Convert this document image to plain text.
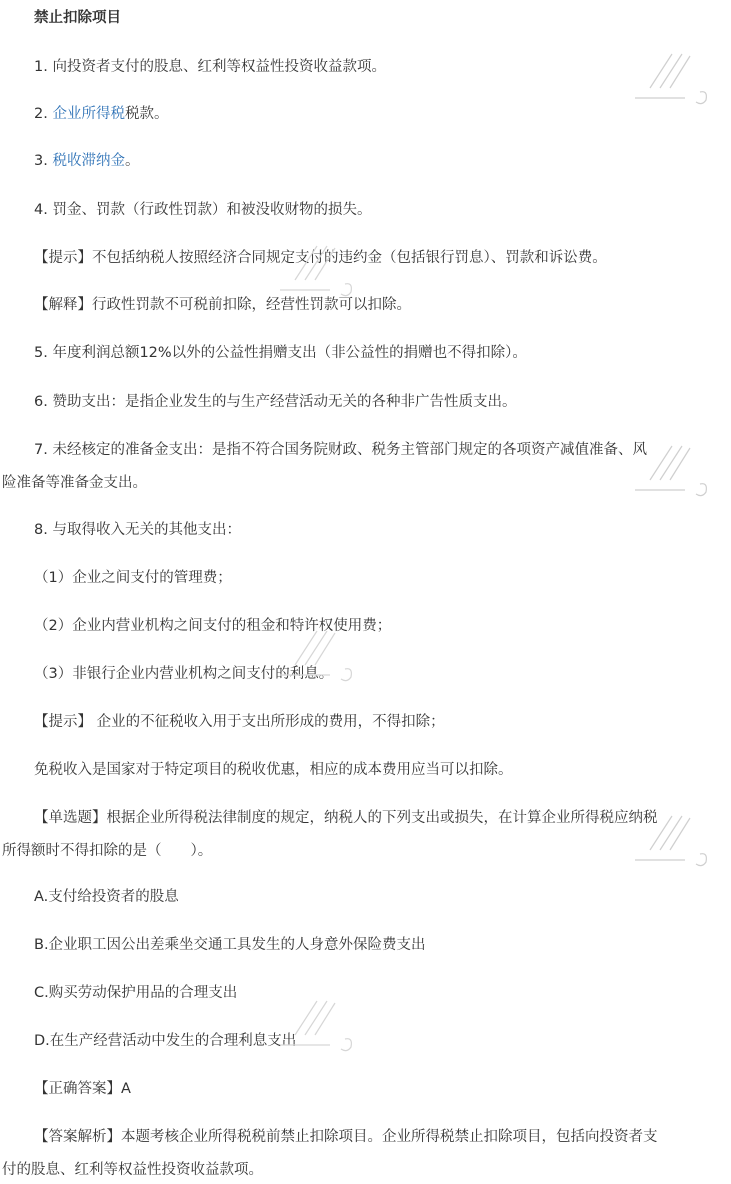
禁止扣除项目
1. 向投资者支付的股息、红利等权益性投资收益款项。
2. 企业所得税税款。
3. 税收滞纳金。
4. 罚金、罚款（行政性罚款）和被没收财物的损失。
【提示】不包括纳税人按照经济合同规定支付的违约金（包括银行罚息）、罚款和诉讼费。
【解释】行政性罚款不可税前扣除，经营性罚款可以扣除。
5. 年度利润总额12%以外的公益性捐赠支出（非公益性的捐赠也不得扣除）。
6. 赞助支出：是指企业发生的与生产经营活动无关的各种非广告性质支出。
7. 未经核定的准备金支出：是指不符合国务院财政、税务主管部门规定的各项资产减值准备、风
险准备等准备金支出。
8. 与取得收入无关的其他支出：
（1）企业之间支付的管理费；
（2）企业内营业机构之间支付的租金和特许权使用费；
（3）非银行企业内营业机构之间支付的利息。
【提示】 企业的不征税收入用于支出所形成的费用，不得扣除；
免税收入是国家对于特定项目的税收优惠，相应的成本费用应当可以扣除。
【单选题】根据企业所得税法律制度的规定，纳税人的下列支出或损失，在计算企业所得税应纳税
所得额时不得扣除的是（　　）。
A.支付给投资者的股息
B.企业职工因公出差乘坐交通工具发生的人身意外保险费支出
C.购买劳动保护用品的合理支出
D.在生产经营活动中发生的合理利息支出
【正确答案】A
【答案解析】本题考核企业所得税税前禁止扣除项目。企业所得税禁止扣除项目，包括向投资者支
付的股息、红利等权益性投资收益款项。
